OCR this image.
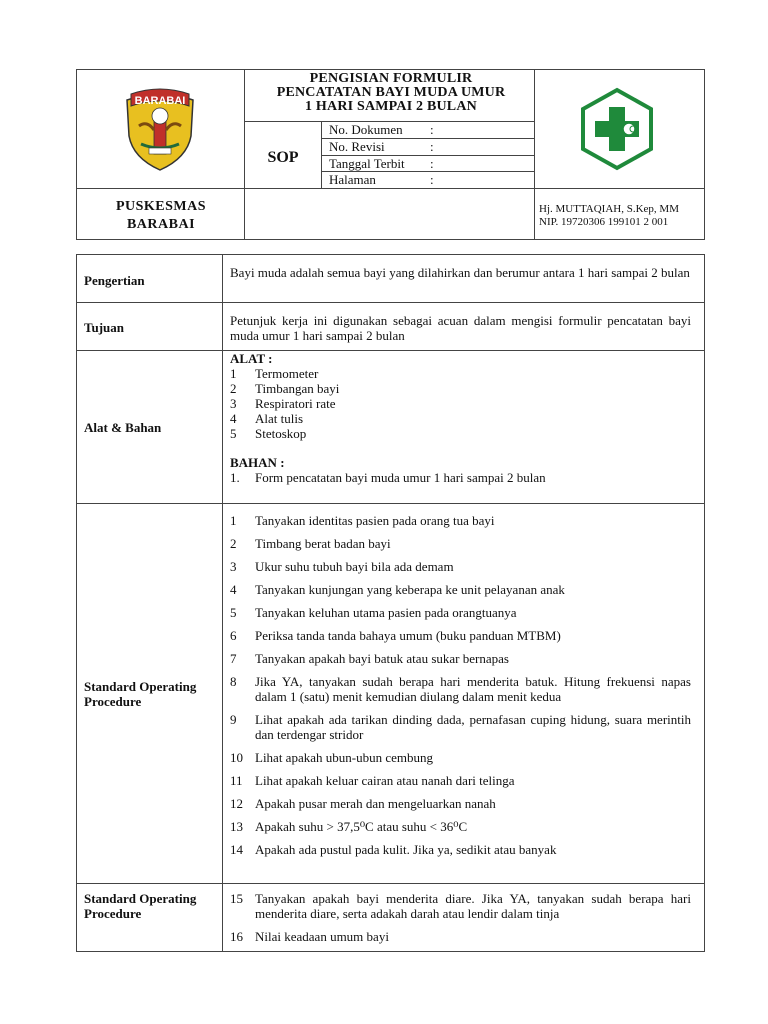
BARABAI
PENGISIAN FORMULIR
PENCATATAN BAYI MUDA UMUR
1 HARI SAMPAI 2 BULAN
SOP
No. Dokumen :
No. Revisi	:
Tanggal Terbit :
Halaman	:
PUSKESMAS
BARABAI
Hj. MUTTAQIAH, S.Kep, MM
NIP. 19720306 199101 2 001
Pengertian
Bayi muda adalah semua bayi yang dilahirkan dan berumur antara 1 hari sampai 2 bulan
Tujuan	Petunjuk kerja ini digunakan sebagai acuan dalam mengisi formulir pencatatan bayi muda umur 1 hari sampai 2 bulan
Alat & Bahan
ALAT :
1	Termometer
2	Timbangan bayi
3	Respiratori rate
4	Alat tulis
5	Stetoskop
BAHAN :
1.	Form pencatatan bayi muda umur 1 hari sampai 2 bulan
Standard Operating Procedure
1	Tanyakan identitas pasien pada orang tua bayi
2	Timbang berat badan bayi
3	Ukur suhu tubuh bayi bila ada demam
4	Tanyakan kunjungan yang keberapa ke unit pelayanan anak
5	Tanyakan keluhan utama pasien pada orangtuanya
6	Periksa tanda tanda bahaya umum (buku panduan MTBM)
7	Tanyakan apakah bayi batuk atau sukar bernapas
8	Jika YA, tanyakan sudah berapa hari menderita batuk. Hitung frekuensi napas dalam 1 (satu) menit kemudian diulang dalam menit kedua
9	Lihat apakah ada tarikan dinding dada, pernafasan cuping hidung, suara merintih dan terdengar stridor
10 Lihat apakah ubun-ubun cembung
11 Lihat apakah keluar cairan atau nanah dari telinga
12 Apakah pusar merah dan mengeluarkan nanah
13 Apakah suhu > 37,5⁰C atau suhu < 36⁰C
14 Apakah ada pustul pada kulit. Jika ya, sedikit atau banyak
Standard Operating Procedure
15 Tanyakan apakah bayi menderita diare. Jika YA, tanyakan sudah berapa hari menderita diare, serta adakah darah atau lendir dalam tinja
16 Nilai keadaan umum bayi
